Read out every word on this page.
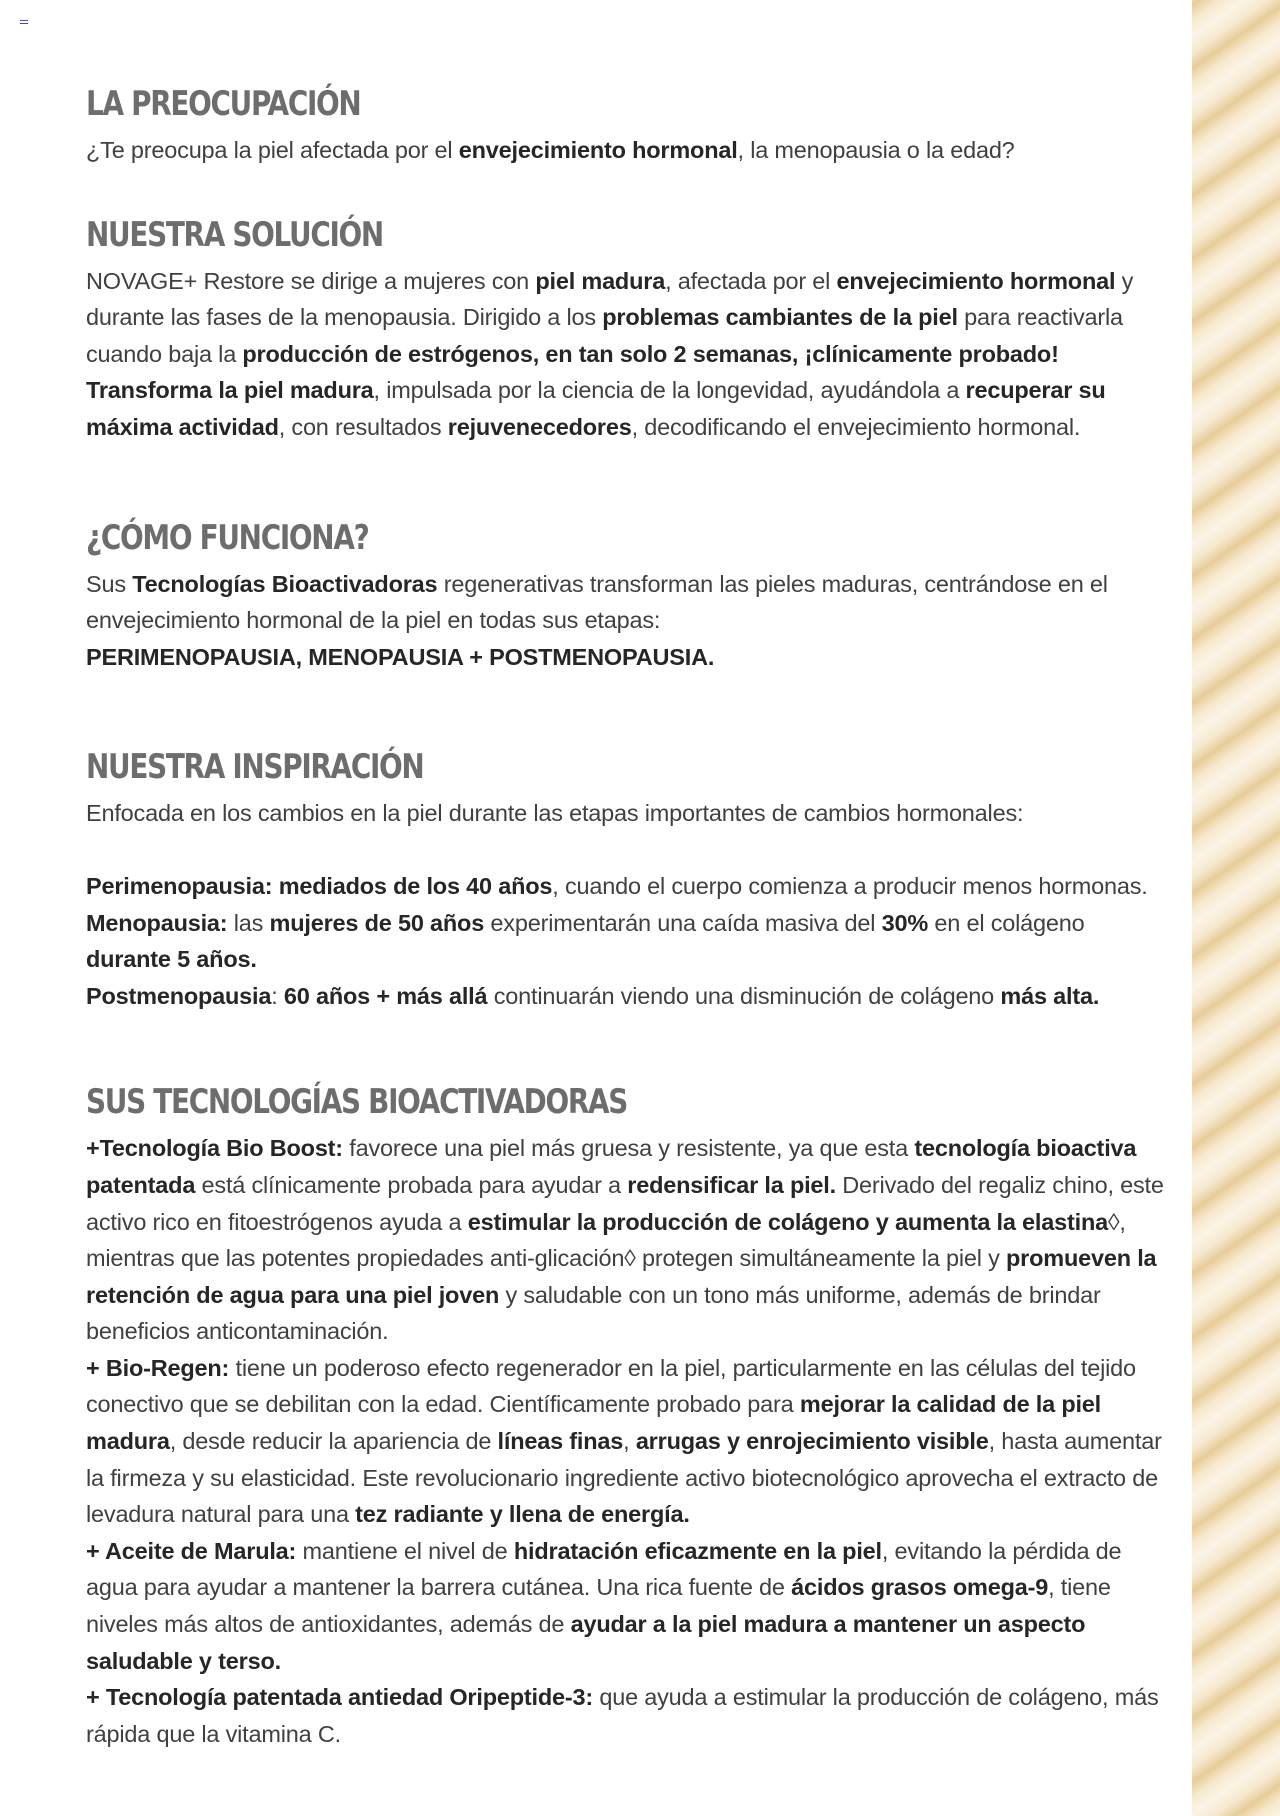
LA PREOCUPACIÓN

¿Te preocupa la piel afectada por el envejecimiento hormonal, la menopausia o la edad?

NUESTRA SOLUCIÓN

NOVAGE+ Restore se dirige a mujeres con piel madura, afectada por el envejecimiento hormonal y durante las fases de la menopausia. Dirigido a los problemas cambiantes de la piel para reactivarla cuando baja la producción de estrógenos, en tan solo 2 semanas, ¡clínicamente probado! Transforma la piel madura, impulsada por la ciencia de la longevidad, ayudándola a recuperar su máxima actividad, con resultados rejuvenecedores, decodificando el envejecimiento hormonal.

¿CÓMO FUNCIONA?

Sus Tecnologías Bioactivadoras regenerativas transforman las pieles maduras, centrándose en el envejecimiento hormonal de la piel en todas sus etapas:
PERIMENOPAUSIA, MENOPAUSIA + POSTMENOPAUSIA.

NUESTRA INSPIRACIÓN

Enfocada en los cambios en la piel durante las etapas importantes de cambios hormonales:

Perimenopausia: mediados de los 40 años, cuando el cuerpo comienza a producir menos hormonas.
Menopausia: las mujeres de 50 años experimentarán una caída masiva del 30% en el colágeno durante 5 años.
Postmenopausia: 60 años + más allá continuarán viendo una disminución de colágeno más alta.

SUS TECNOLOGÍAS BIOACTIVADORAS

+Tecnología Bio Boost: favorece una piel más gruesa y resistente, ya que esta tecnología bioactiva patentada está clínicamente probada para ayudar a redensificar la piel. Derivado del regaliz chino, este activo rico en fitoestrógenos ayuda a estimular la producción de colágeno y aumenta la elastina◊, mientras que las potentes propiedades anti-glicación◊ protegen simultáneamente la piel y promueven la retención de agua para una piel joven y saludable con un tono más uniforme, además de brindar beneficios anticontaminación.
+ Bio-Regen: tiene un poderoso efecto regenerador en la piel, particularmente en las células del tejido conectivo que se debilitan con la edad. Científicamente probado para mejorar la calidad de la piel madura, desde reducir la apariencia de líneas finas, arrugas y enrojecimiento visible, hasta aumentar la firmeza y su elasticidad. Este revolucionario ingrediente activo biotecnológico aprovecha el extracto de levadura natural para una tez radiante y llena de energía.
+ Aceite de Marula: mantiene el nivel de hidratación eficazmente en la piel, evitando la pérdida de agua para ayudar a mantener la barrera cutánea. Una rica fuente de ácidos grasos omega-9, tiene niveles más altos de antioxidantes, además de ayudar a la piel madura a mantener un aspecto saludable y terso.
+ Tecnología patentada antiedad Oripeptide-3: que ayuda a estimular la producción de colágeno, más rápida que la vitamina C.
